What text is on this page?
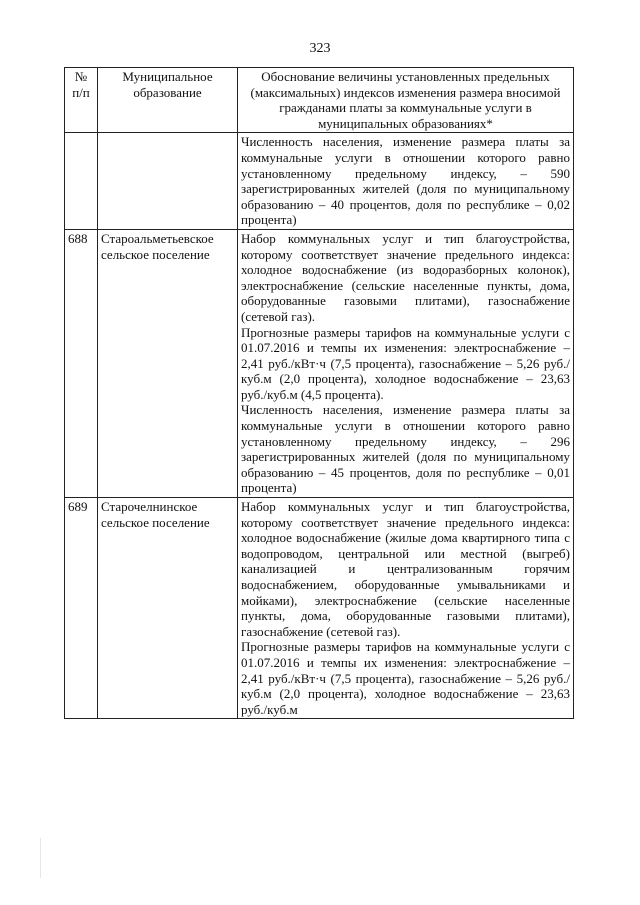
323
№ п/п	Муниципальное образование	Обоснование величины установленных предельных (максимальных) индексов изменения размера вносимой гражданами платы за коммунальные услуги в муниципальных образованиях*

		Численность населения, изменение размера платы за коммунальные услуги в отношении которого равно установленному предельному индексу, – 590 зарегистрированных жителей (доля по муниципальному образованию – 40 процентов, доля по республике – 0,02 процента)

688	Староальметьевское сельское поселение	Набор коммунальных услуг и тип благоустройства, которому соответствует значение предельного индекса: холодное водоснабжение (из водоразборных колонок), электроснабжение (сельские населенные пункты, дома, оборудованные газовыми плитами), газоснабжение (сетевой газ).

Прогнозные размеры тарифов на коммунальные услуги с 01.07.2016 и темпы их изменения: электроснабжение – 2,41 руб./кВт·ч (7,5 процента), газоснабжение – 5,26 руб./куб.м (2,0 процента), холодное водоснабжение – 23,63 руб./куб.м (4,5 процента).

Численность населения, изменение размера платы за коммунальные услуги в отношении которого равно установленному предельному индексу, – 296 зарегистрированных жителей (доля по муниципальному образованию – 45 процентов, доля по республике – 0,01 процента)

689	Старочелнинское сельское поселение	Набор коммунальных услуг и тип благоустройства, которому соответствует значение предельного индекса: холодное водоснабжение (жилые дома квартирного типа с водопроводом, центральной или местной (выгреб) канализацией и централизованным горячим водоснабжением, оборудованные умывальниками и мойками), электроснабжение (сельские населенные пункты, дома, оборудованные газовыми плитами), газоснабжение (сетевой газ).

Прогнозные размеры тарифов на коммунальные услуги с 01.07.2016 и темпы их изменения: электроснабжение – 2,41 руб./кВт·ч (7,5 процента), газоснабжение – 5,26 руб./куб.м (2,0 процента), холодное водоснабжение – 23,63 руб./куб.м
